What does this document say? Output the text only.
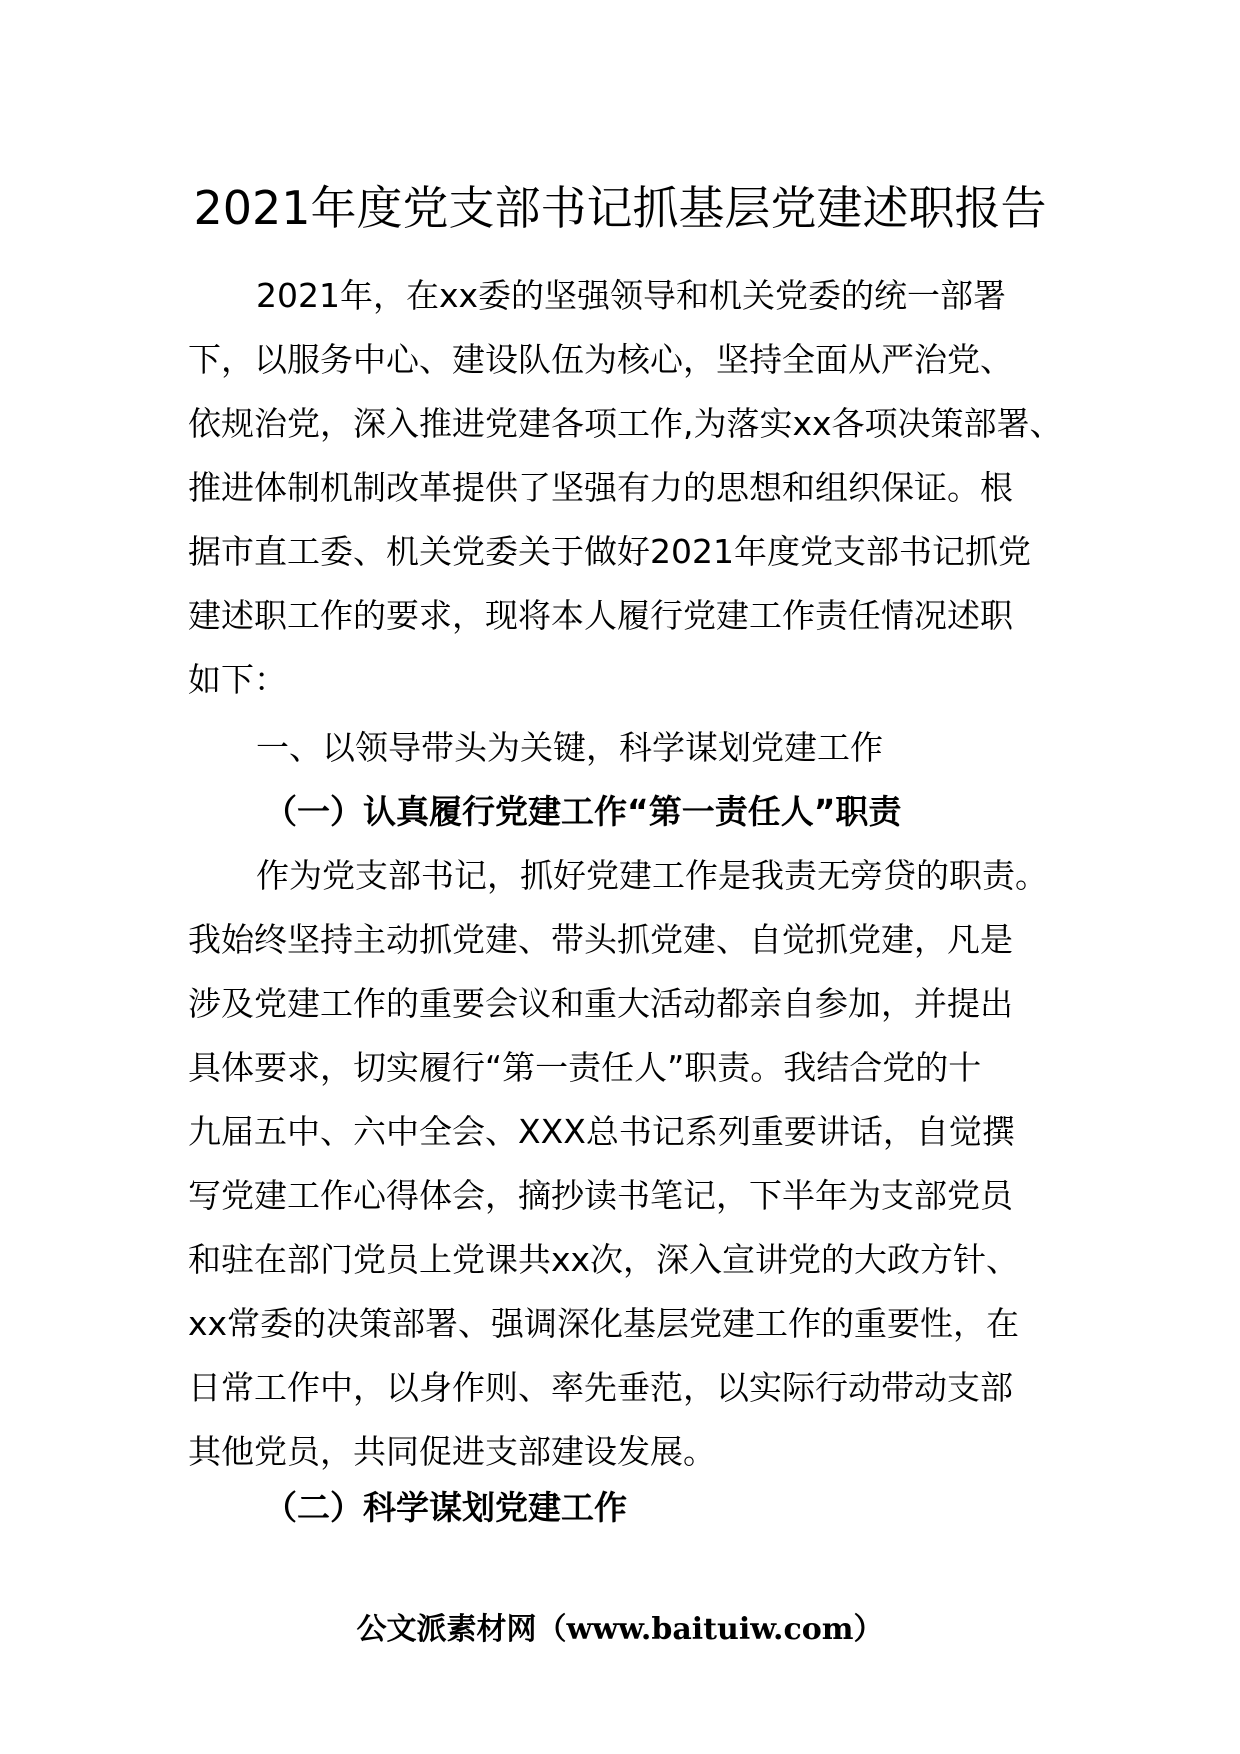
2021年度党支部书记抓基层党建述职报告
2021年，在xx委的坚强领导和机关党委的统一部署
下，以服务中心、建设队伍为核心，坚持全面从严治党、
依规治党，深入推进党建各项工作,为落实xx各项决策部署、
推进体制机制改革提供了坚强有力的思想和组织保证。根
据市直工委、机关党委关于做好2021年度党支部书记抓党
建述职工作的要求，现将本人履行党建工作责任情况述职
如下：
一、以领导带头为关键，科学谋划党建工作
（一）认真履行党建工作“第一责任人”职责
作为党支部书记，抓好党建工作是我责无旁贷的职责。
我始终坚持主动抓党建、带头抓党建、自觉抓党建，凡是
涉及党建工作的重要会议和重大活动都亲自参加，并提出
具体要求，切实履行“第一责任人”职责。我结合党的十
九届五中、六中全会、XXX总书记系列重要讲话，自觉撰
写党建工作心得体会，摘抄读书笔记，下半年为支部党员
和驻在部门党员上党课共xx次，深入宣讲党的大政方针、
xx常委的决策部署、强调深化基层党建工作的重要性，在
日常工作中，以身作则、率先垂范，以实际行动带动支部
其他党员，共同促进支部建设发展。
（二）科学谋划党建工作
公文派素材网（www.baituiw.com）
